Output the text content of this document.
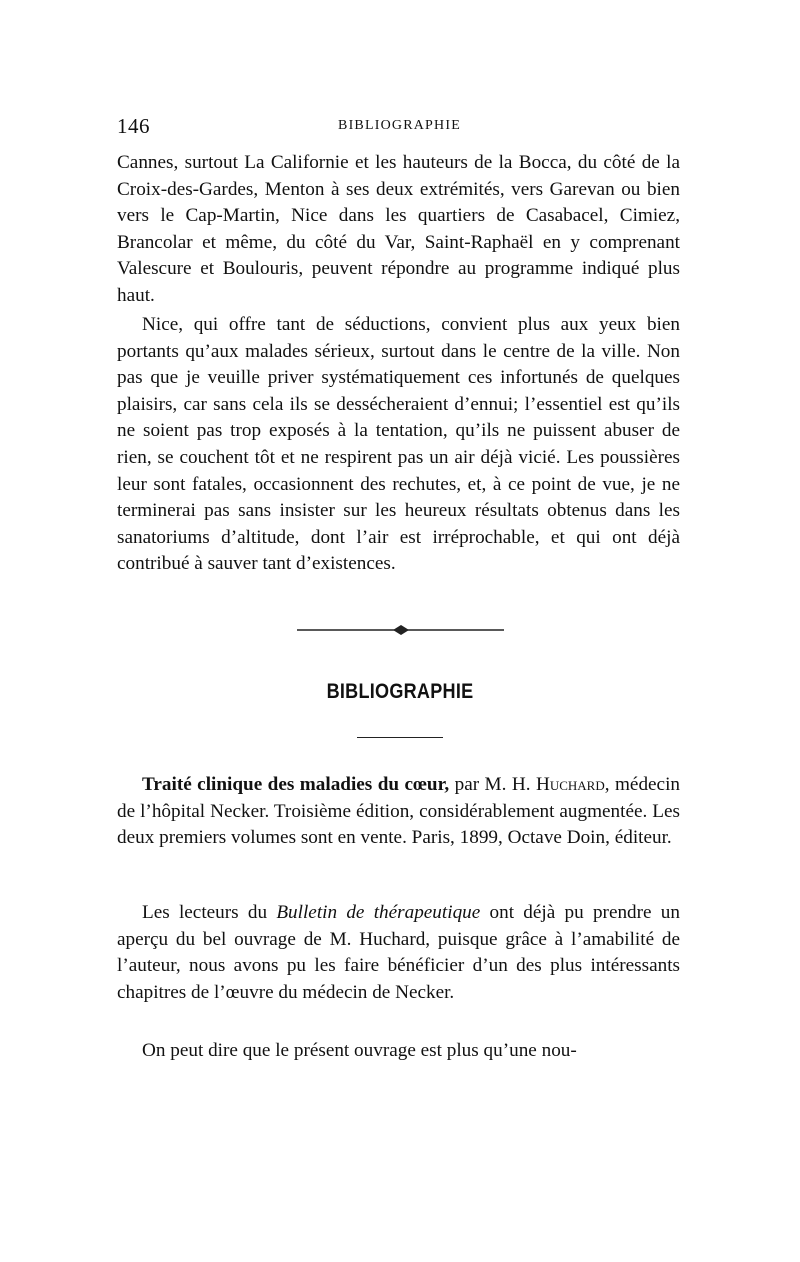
146	BIBLIOGRAPHIE

Cannes, surtout La Californie et les hauteurs de la Bocca, du côté de la Croix-des-Gardes, Menton à ses deux extrémités, vers Garevan ou bien vers le Cap-Martin, Nice dans les quartiers de Casabacel, Cimiez, Brancolar et même, du côté du Var, Saint-Raphaël en y comprenant Valescure et Boulouris, peuvent répondre au programme indiqué plus haut.

Nice, qui offre tant de séductions, convient plus aux yeux bien portants qu’aux malades sérieux, surtout dans le centre de la ville. Non pas que je veuille priver systématiquement ces infortunés de quelques plaisirs, car sans cela ils se dessécheraient d’ennui; l’essentiel est qu’ils ne soient pas trop exposés à la tentation, qu’ils ne puissent abuser de rien, se couchent tôt et ne respirent pas un air déjà vicié. Les poussières leur sont fatales, occasionnent des rechutes, et, à ce point de vue, je ne terminerai pas sans insister sur les heureux résultats obtenus dans les sanatoriums d’altitude, dont l’air est irréprochable, et qui ont déjà contribué à sauver tant d’existences.

BIBLIOGRAPHIE

Traité clinique des maladies du cœur, par M. H. Huchard, médecin de l’hôpital Necker. Troisième édition, considérablement augmentée. Les deux premiers volumes sont en vente. Paris, 1899, Octave Doin, éditeur.

Les lecteurs du Bulletin de thérapeutique ont déjà pu prendre un aperçu du bel ouvrage de M. Huchard, puisque grâce à l’amabilité de l’auteur, nous avons pu les faire bénéficier d’un des plus intéressants chapitres de l’œuvre du médecin de Necker.

On peut dire que le présent ouvrage est plus qu’une nou-
